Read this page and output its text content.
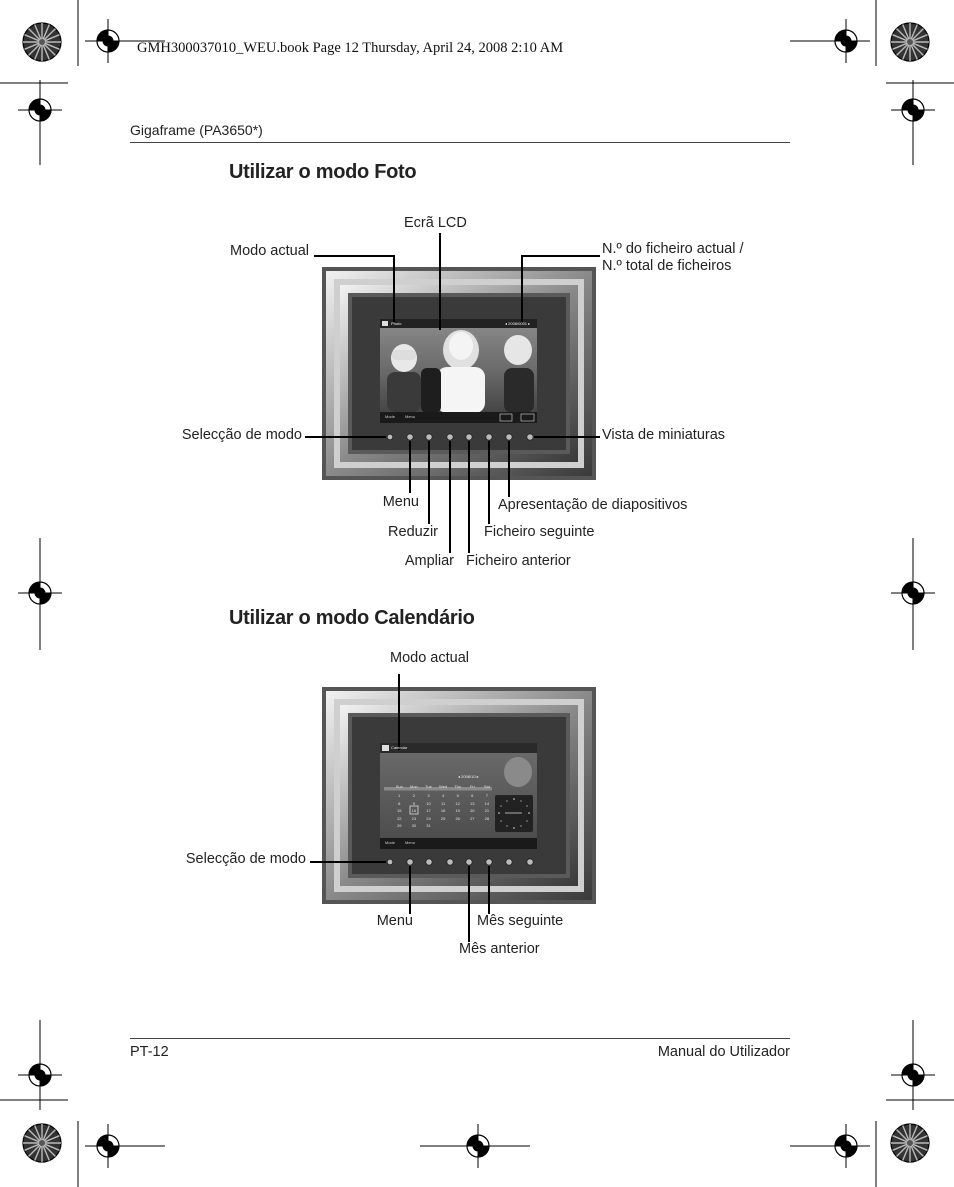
GMH300037010_WEU.book Page 12 Thursday, April 24, 2008 2:10 AM
Gigaframe (PA3650*)
Utilizar o modo Foto
Photo	◂ 2008/0001 ▸
Mode Menu
Ecrã LCD
Modo actual	N.º do ficheiro actual /
N.º total de ficheiros
Selecção de modo	Vista de miniaturas
Menu	Apresentação de diapositivos
Reduzir	Ficheiro seguinte
Ampliar Ficheiro anterior
Utilizar o modo Calendário
Calendar
◂ 2008/10 ▸
Sun	Mon	Tue	Wed	Thu	Fri	Sat
1	2	3	4	5	6	7
8	9	10	11	12	13	14
15	16	17	18	19	20	21
22	23	24	25	26	27	28
29	30	31
Mode Menu
Modo actual
Selecção de modo
Menu	Mês seguinte
Mês anterior
PT-12	Manual do Utilizador
